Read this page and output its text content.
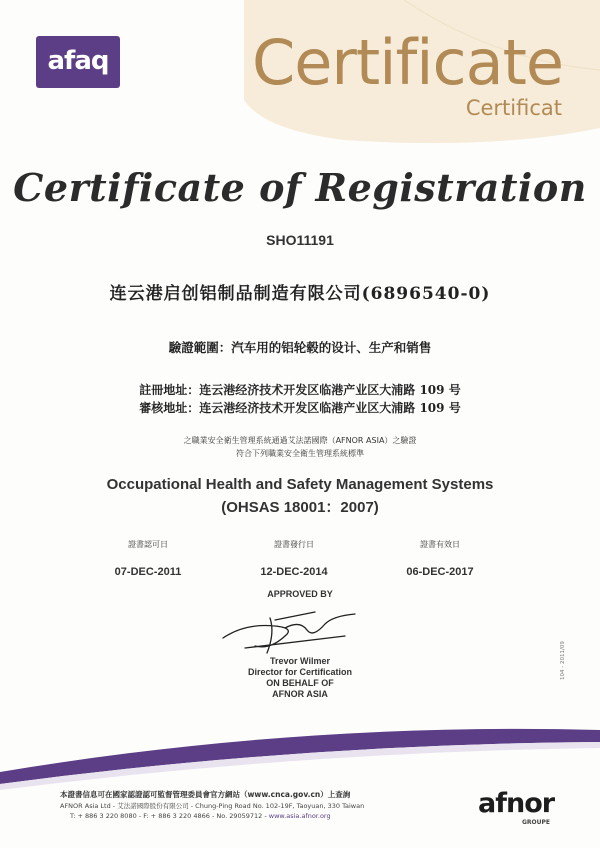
afaq Certificate
Certificat
Certificate of Registration
SHO11191
连云港启创铝制品制造有限公司(6896540-0)
驗證範圍：汽车用的铝轮毂的设计、生产和销售
註冊地址：连云港经济技术开发区临港产业区大浦路 109 号
審核地址：连云港经济技术开发区临港产业区大浦路 109 号
之職業安全衛生管理系統通過艾法諾國際（AFNOR ASIA）之驗證
符合下列職業安全衛生管理系統標準
Occupational Health and Safety Management Systems
(OHSAS 18001：2007)
證書認可日
07-DEC-2011
證書發行日
12-DEC-2014
證書有效日
06-DEC-2017
APPROVED BY
Trevor Wilmer
Director for Certification
ON BEHALF OF
AFNOR ASIA
104 - 2011/09
本證書信息可在國家認證認可監督管理委員會官方網站（www.cnca.gov.cn）上查詢
AFNOR Asia Ltd - 艾法諾國際股份有限公司 - Chung-Ping Road No. 102-19F, Taoyuan, 330 Taiwan
T: + 886 3 220 8080 - F: + 886 3 220 4866 - No. 29059712 - www.asia.afnor.org	afnor
GROUPE
